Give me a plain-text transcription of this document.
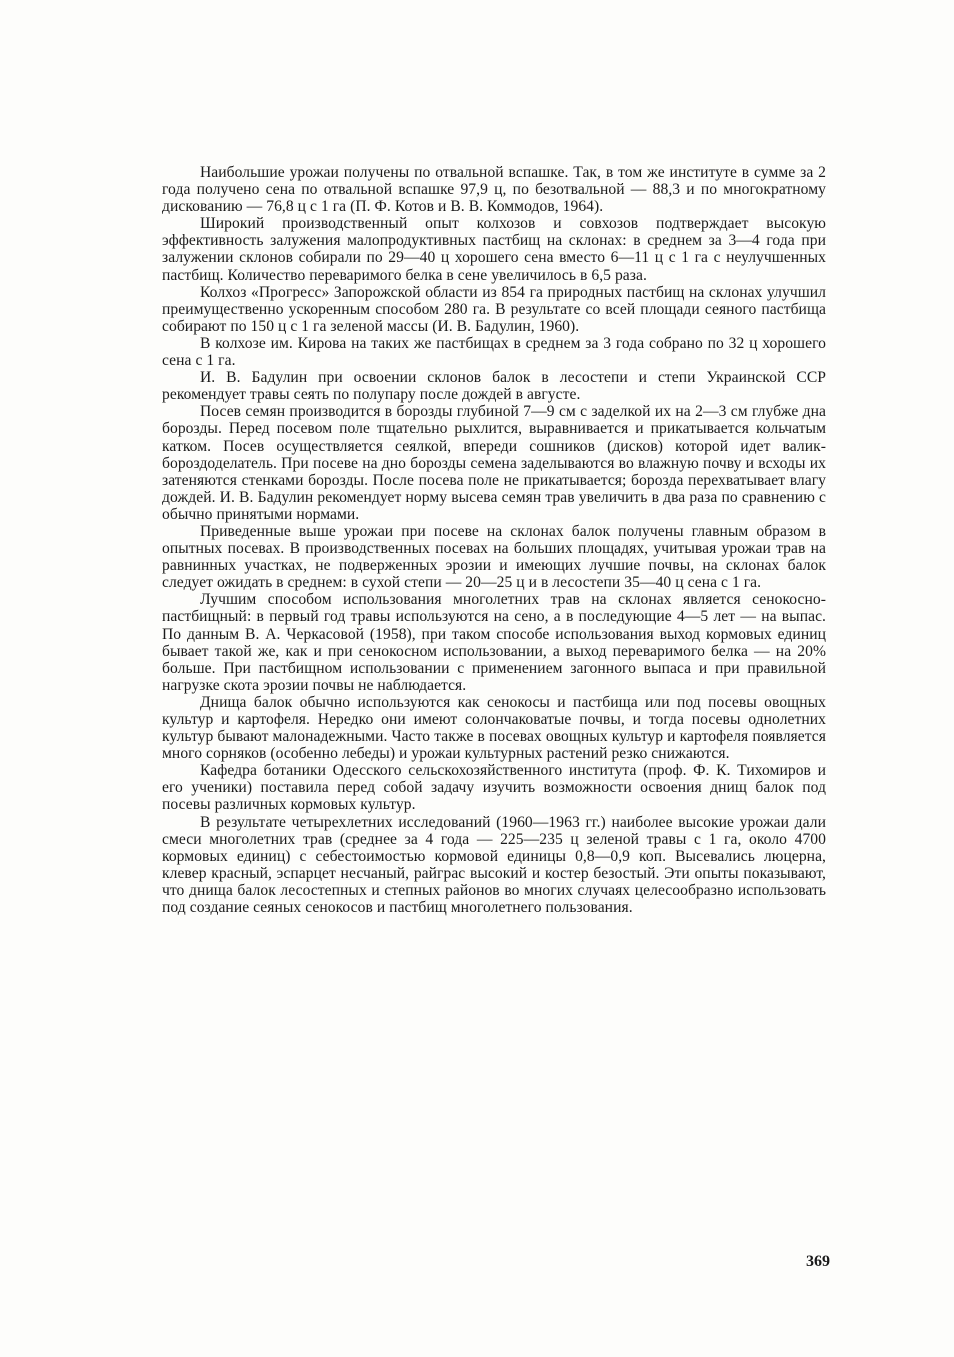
Наибольшие урожаи получены по отвальной вспашке. Так, в том же институте в сумме за 2 года получено сена по отвальной вспашке 97,9 ц, по безотвальной — 88,3 и по многократному дискованию — 76,8 ц с 1 га (П. Ф. Котов и В. В. Коммодов, 1964).

Широкий производственный опыт колхозов и совхозов подтверждает высокую эффективность залужения малопродуктивных пастбищ на склонах: в среднем за 3—4 года при залужении склонов собирали по 29—40 ц хорошего сена вместо 6—11 ц с 1 га с неулучшенных пастбищ. Количество переваримого белка в сене увеличилось в 6,5 раза.

Колхоз «Прогресс» Запорожской области из 854 га природных пастбищ на склонах улучшил преимущественно ускоренным способом 280 га. В результате со всей площади сеяного пастбища собирают по 150 ц с 1 га зеленой массы (И. В. Бадулин, 1960).

В колхозе им. Кирова на таких же пастбищах в среднем за 3 года собрано по 32 ц хорошего сена с 1 га.

И. В. Бадулин при освоении склонов балок в лесостепи и степи Украинской ССР рекомендует травы сеять по полупару после дождей в августе.

Посев семян производится в борозды глубиной 7—9 см с заделкой их на 2—3 см глубже дна борозды. Перед посевом поле тщательно рыхлится, выравнивается и прикатывается кольчатым катком. Посев осуществляется сеялкой, впереди сошников (дисков) которой идет валик-бороздоделатель. При посеве на дно борозды семена заделываются во влажную почву и всходы их затеняются стенками борозды. После посева поле не прикатывается; борозда перехватывает влагу дождей. И. В. Бадулин рекомендует норму высева семян трав увеличить в два раза по сравнению с обычно принятыми нормами.

Приведенные выше урожаи при посеве на склонах балок получены главным образом в опытных посевах. В производственных посевах на больших площадях, учитывая урожаи трав на равнинных участках, не подверженных эрозии и имеющих лучшие почвы, на склонах балок следует ожидать в среднем: в сухой степи — 20—25 ц и в лесостепи 35—40 ц сена с 1 га.

Лучшим способом использования многолетних трав на склонах является сенокосно-пастбищный: в первый год травы используются на сено, а в последующие 4—5 лет — на выпас. По данным В. А. Черкасовой (1958), при таком способе использования выход кормовых единиц бывает такой же, как и при сенокосном использовании, а выход переваримого белка — на 20% больше. При пастбищном использовании с применением загонного выпаса и при правильной нагрузке скота эрозии почвы не наблюдается.

Днища балок обычно используются как сенокосы и пастбища или под посевы овощных культур и картофеля. Нередко они имеют солончаковатые почвы, и тогда посевы однолетних культур бывают малонадежными. Часто также в посевах овощных культур и картофеля появляется много сорняков (особенно лебеды) и урожаи культурных растений резко снижаются.

Кафедра ботаники Одесского сельскохозяйственного института (проф. Ф. К. Тихомиров и его ученики) поставила перед собой задачу изучить возможности освоения днищ балок под посевы различных кормовых культур.

В результате четырехлетних исследований (1960—1963 гг.) наиболее высокие урожаи дали смеси многолетних трав (среднее за 4 года — 225—235 ц зеленой травы с 1 га, около 4700 кормовых единиц) с себестоимостью кормовой единицы 0,8—0,9 коп. Высевались люцерна, клевер красный, эспарцет несчаный, райграс высокий и костер безостый. Эти опыты показывают, что днища балок лесостепных и степных районов во многих случаях целесообразно использовать под создание сеяных сенокосов и пастбищ многолетнего пользования.

369
